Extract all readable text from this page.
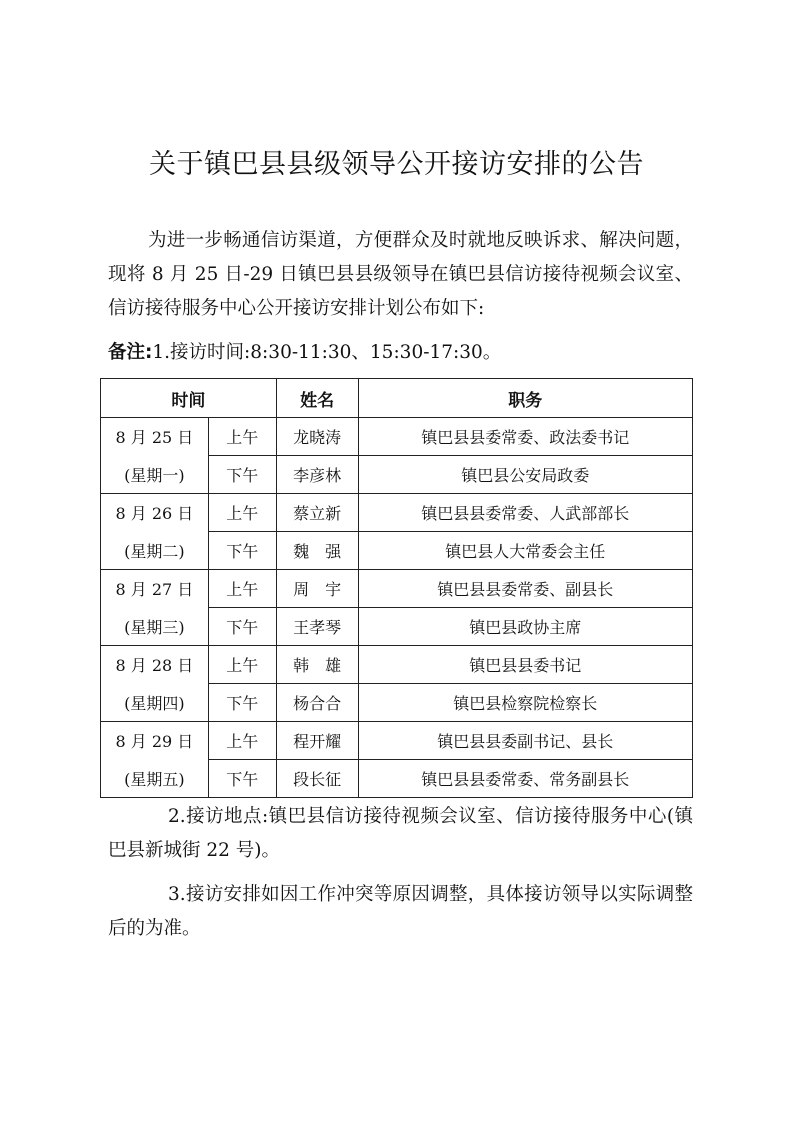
关于镇巴县县级领导公开接访安排的公告
为进一步畅通信访渠道，方便群众及时就地反映诉求、解决问题，现将 8 月 25 日-29 日镇巴县县级领导在镇巴县信访接待视频会议室、信访接待服务中心公开接访安排计划公布如下:
备注:1.接访时间:8:30-11:30、15:30-17:30。
时间		姓名	职务
8 月 25 日	上午	龙晓涛	镇巴县县委常委、政法委书记
(星期一)	下午	李彦林	镇巴县公安局政委
8 月 26 日	上午	蔡立新	镇巴县县委常委、人武部部长
(星期二)	下午	魏　强	镇巴县人大常委会主任
8 月 27 日	上午	周　宇	镇巴县县委常委、副县长
(星期三)	下午	王孝琴	镇巴县政协主席
8 月 28 日	上午	韩　雄	镇巴县县委书记
(星期四)	下午	杨合合	镇巴县检察院检察长
8 月 29 日	上午	程开耀	镇巴县县委副书记、县长
(星期五)	下午	段长征	镇巴县县委常委、常务副县长
2.接访地点:镇巴县信访接待视频会议室、信访接待服务中心(镇巴县新城街 22 号)。
3.接访安排如因工作冲突等原因调整，具体接访领导以实际调整后的为准。
